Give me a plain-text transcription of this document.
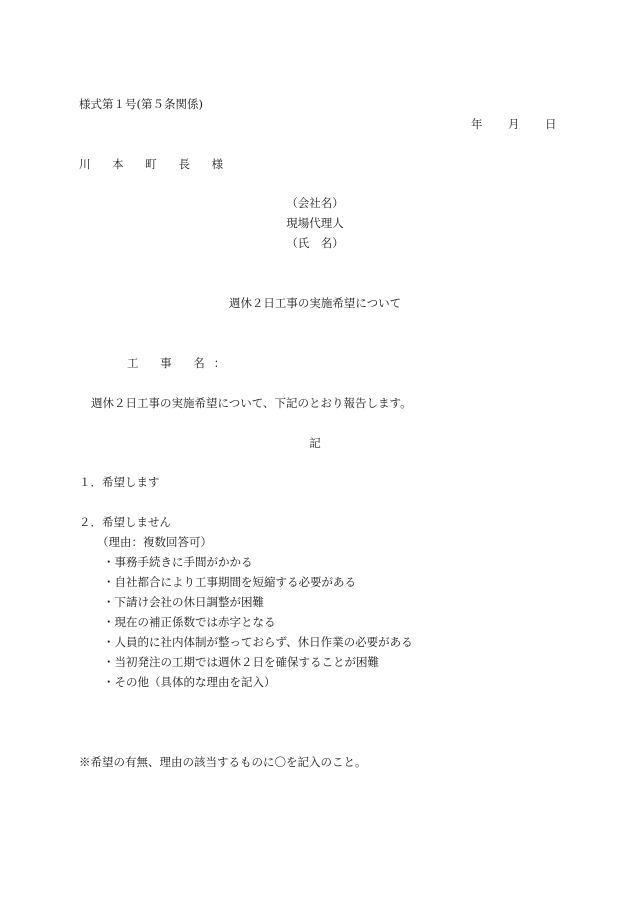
様式第１号(第５条関係)
年	月	日
川 本 町 長 様
（会社名）
現場代理人
（氏　名）
週休２日工事の実施希望について
工 事 名：
週休２日工事の実施希望について、下記のとおり報告します。
記
１．希望します
２．希望しません
（理由：複数回答可）
・事務手続きに手間がかかる
・自社都合により工事期間を短縮する必要がある
・下請け会社の休日調整が困難
・現在の補正係数では赤字となる
・人員的に社内体制が整っておらず、休日作業の必要がある
・当初発注の工期では週休２日を確保することが困難
・その他（具体的な理由を記入）
※希望の有無、理由の該当するものに〇を記入のこと。
